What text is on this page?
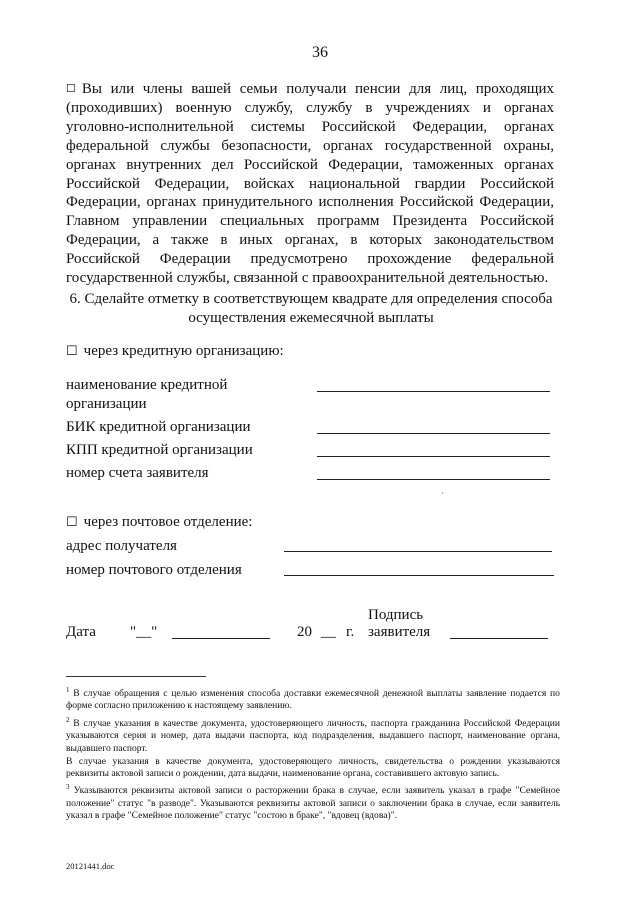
36
☐ Вы или члены вашей семьи получали пенсии для лиц, проходящих (проходивших) военную службу, службу в учреждениях и органах уголовно-исполнительной системы Российской Федерации, органах федеральной службы безопасности, органах государственной охраны, органах внутренних дел Российской Федерации, таможенных органах Российской Федерации, войсках национальной гвардии Российской Федерации, органах принудительного исполнения Российской Федерации, Главном управлении специальных программ Президента Российской Федерации, а также в иных органах, в которых законодательством Российской Федерации предусмотрено прохождение федеральной государственной службы, связанной с правоохранительной деятельностью.
6. Сделайте отметку в соответствующем квадрате для определения способа
осуществления ежемесячной выплаты
☐ через кредитную организацию:
наименование кредитной
организации
БИК кредитной организации
КПП кредитной организации
номер счета заявителя
·
☐ через почтовое отделение:
адрес получателя
номер почтового отделения
Подпись
Дата "__"	20 __ г. заявителя

$^1$ В случае обращения с целью изменения способа доставки ежемесячной денежной выплаты заявление подается по форме согласно приложению к настоящему заявлению.

$^2$ В случае указания в качестве документа, удостоверяющего личность, паспорта гражданина Российской Федерации указываются серия и номер, дата выдачи паспорта, код подразделения, выдавшего паспорт, наименование органа, выдавшего паспорт.

В случае указания в качестве документа, удостоверяющего личность, свидетельства о рождении указываются реквизиты актовой записи о рождении, дата выдачи, наименование органа, составившего актовую запись.

$^3$ Указываются реквизиты актовой записи о расторжении брака в случае, если заявитель указал в графе "Семейное положение" статус "в разводе". Указываются реквизиты актовой записи о заключении брака в случае, если заявитель указал в графе "Семейное положение" статус "состою в браке", "вдовец (вдова)".

20121441.doc
